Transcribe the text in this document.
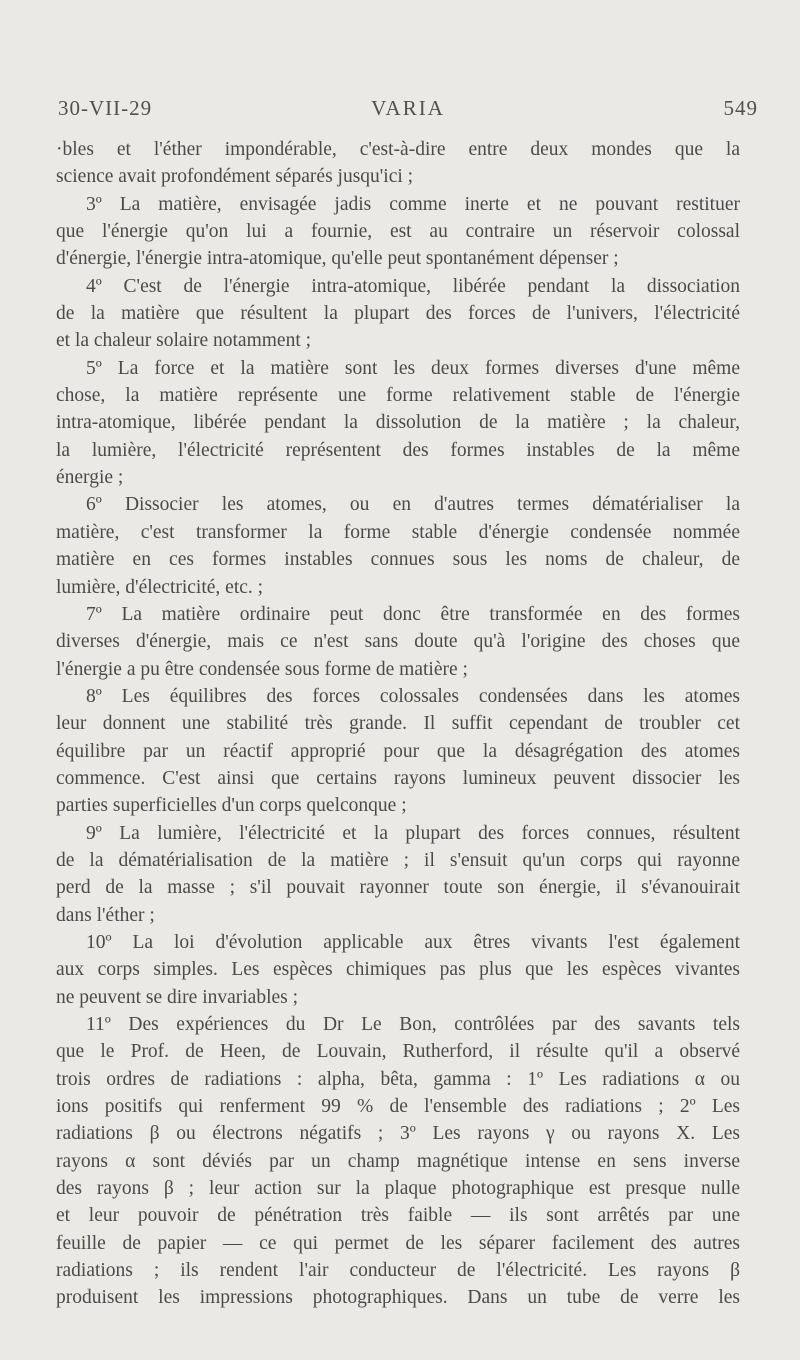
30-VII-29	VARIA	549
·bles et l'éther impondérable, c'est-à-dire entre deux mondes que la
science avait profondément séparés jusqu'ici ;
3º La matière, envisagée jadis comme inerte et ne pouvant restituer
que l'énergie qu'on lui a fournie, est au contraire un réservoir colossal
d'énergie, l'énergie intra-atomique, qu'elle peut spontanément dépenser ;
4º C'est de l'énergie intra-atomique, libérée pendant la dissociation
de la matière que résultent la plupart des forces de l'univers, l'électricité
et la chaleur solaire notamment ;
5º La force et la matière sont les deux formes diverses d'une même
chose, la matière représente une forme relativement stable de l'énergie
intra-atomique, libérée pendant la dissolution de la matière ; la chaleur,
la lumière, l'électricité représentent des formes instables de la même
énergie ;
6º Dissocier les atomes, ou en d'autres termes dématérialiser la
matière, c'est transformer la forme stable d'énergie condensée nommée
matière en ces formes instables connues sous les noms de chaleur, de
lumière, d'électricité, etc. ;
7º La matière ordinaire peut donc être transformée en des formes
diverses d'énergie, mais ce n'est sans doute qu'à l'origine des choses que
l'énergie a pu être condensée sous forme de matière ;
8º Les équilibres des forces colossales condensées dans les atomes
leur donnent une stabilité très grande. Il suffit cependant de troubler cet
équilibre par un réactif approprié pour que la désagrégation des atomes
commence. C'est ainsi que certains rayons lumineux peuvent dissocier les
parties superficielles d'un corps quelconque ;
9º La lumière, l'électricité et la plupart des forces connues, résultent
de la dématérialisation de la matière ; il s'ensuit qu'un corps qui rayonne
perd de la masse ; s'il pouvait rayonner toute son énergie, il s'évanouirait
dans l'éther ;
10º La loi d'évolution applicable aux êtres vivants l'est également
aux corps simples. Les espèces chimiques pas plus que les espèces vivantes
ne peuvent se dire invariables ;
11º Des expériences du Dr Le Bon, contrôlées par des savants tels
que le Prof. de Heen, de Louvain, Rutherford, il résulte qu'il a observé
trois ordres de radiations : alpha, bêta, gamma : 1º Les radiations α ou
ions positifs qui renferment 99 % de l'ensemble des radiations ; 2º Les
radiations β ou électrons négatifs ; 3º Les rayons γ ou rayons X. Les
rayons α sont déviés par un champ magnétique intense en sens inverse
des rayons β ; leur action sur la plaque photographique est presque nulle
et leur pouvoir de pénétration très faible — ils sont arrêtés par une
feuille de papier — ce qui permet de les séparer facilement des autres
radiations ; ils rendent l'air conducteur de l'électricité. Les rayons β
produisent les impressions photographiques. Dans un tube de verre les
